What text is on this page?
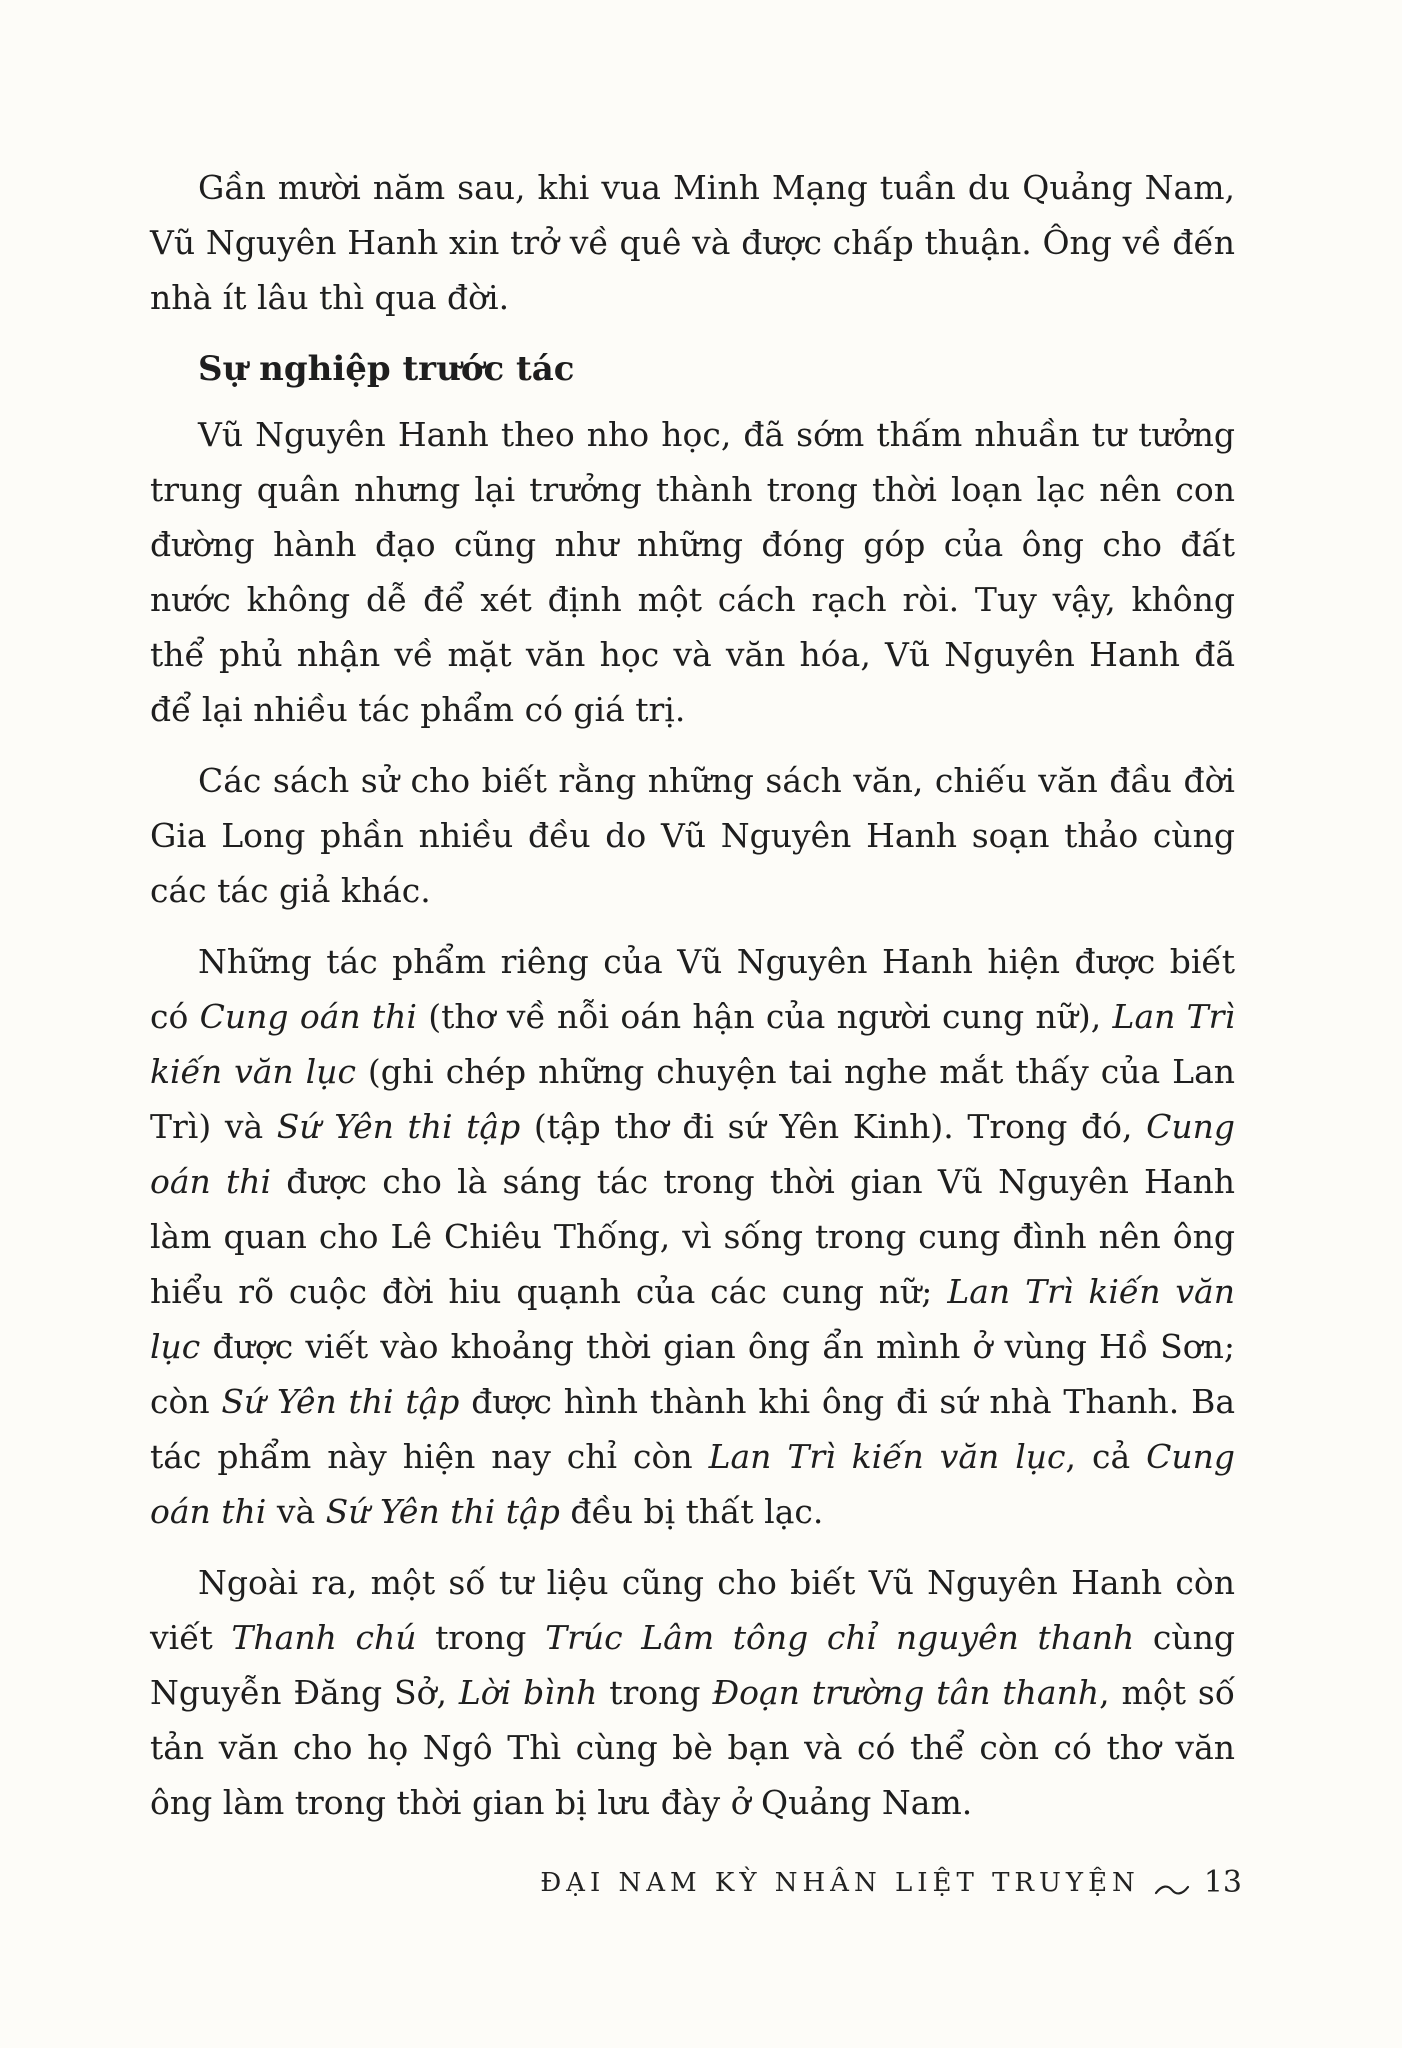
Gần mười năm sau, khi vua Minh Mạng tuần du Quảng Nam, Vũ Nguyên Hanh xin trở về quê và được chấp thuận. Ông về đến nhà ít lâu thì qua đời.

Sự nghiệp trước tác

Vũ Nguyên Hanh theo nho học, đã sớm thấm nhuần tư tưởng trung quân nhưng lại trưởng thành trong thời loạn lạc nên con đường hành đạo cũng như những đóng góp của ông cho đất nước không dễ để xét định một cách rạch ròi. Tuy vậy, không thể phủ nhận về mặt văn học và văn hóa, Vũ Nguyên Hanh đã để lại nhiều tác phẩm có giá trị.

Các sách sử cho biết rằng những sách văn, chiếu văn đầu đời Gia Long phần nhiều đều do Vũ Nguyên Hanh soạn thảo cùng các tác giả khác.

Những tác phẩm riêng của Vũ Nguyên Hanh hiện được biết có Cung oán thi (thơ về nỗi oán hận của người cung nữ), Lan Trì kiến văn lục (ghi chép những chuyện tai nghe mắt thấy của Lan Trì) và Sứ Yên thi tập (tập thơ đi sứ Yên Kinh). Trong đó, Cung oán thi được cho là sáng tác trong thời gian Vũ Nguyên Hanh làm quan cho Lê Chiêu Thống, vì sống trong cung đình nên ông hiểu rõ cuộc đời hiu quạnh của các cung nữ; Lan Trì kiến văn lục được viết vào khoảng thời gian ông ẩn mình ở vùng Hồ Sơn; còn Sứ Yên thi tập được hình thành khi ông đi sứ nhà Thanh. Ba tác phẩm này hiện nay chỉ còn Lan Trì kiến văn lục, cả Cung oán thi và Sứ Yên thi tập đều bị thất lạc.

Ngoài ra, một số tư liệu cũng cho biết Vũ Nguyên Hanh còn viết Thanh chú trong Trúc Lâm tông chỉ nguyên thanh cùng Nguyễn Đăng Sở, Lời bình trong Đoạn trường tân thanh, một số tản văn cho họ Ngô Thì cùng bè bạn và có thể còn có thơ văn ông làm trong thời gian bị lưu đày ở Quảng Nam.

ĐẠI NAM KỲ NHÂN LIỆT TRUYỆN 13
